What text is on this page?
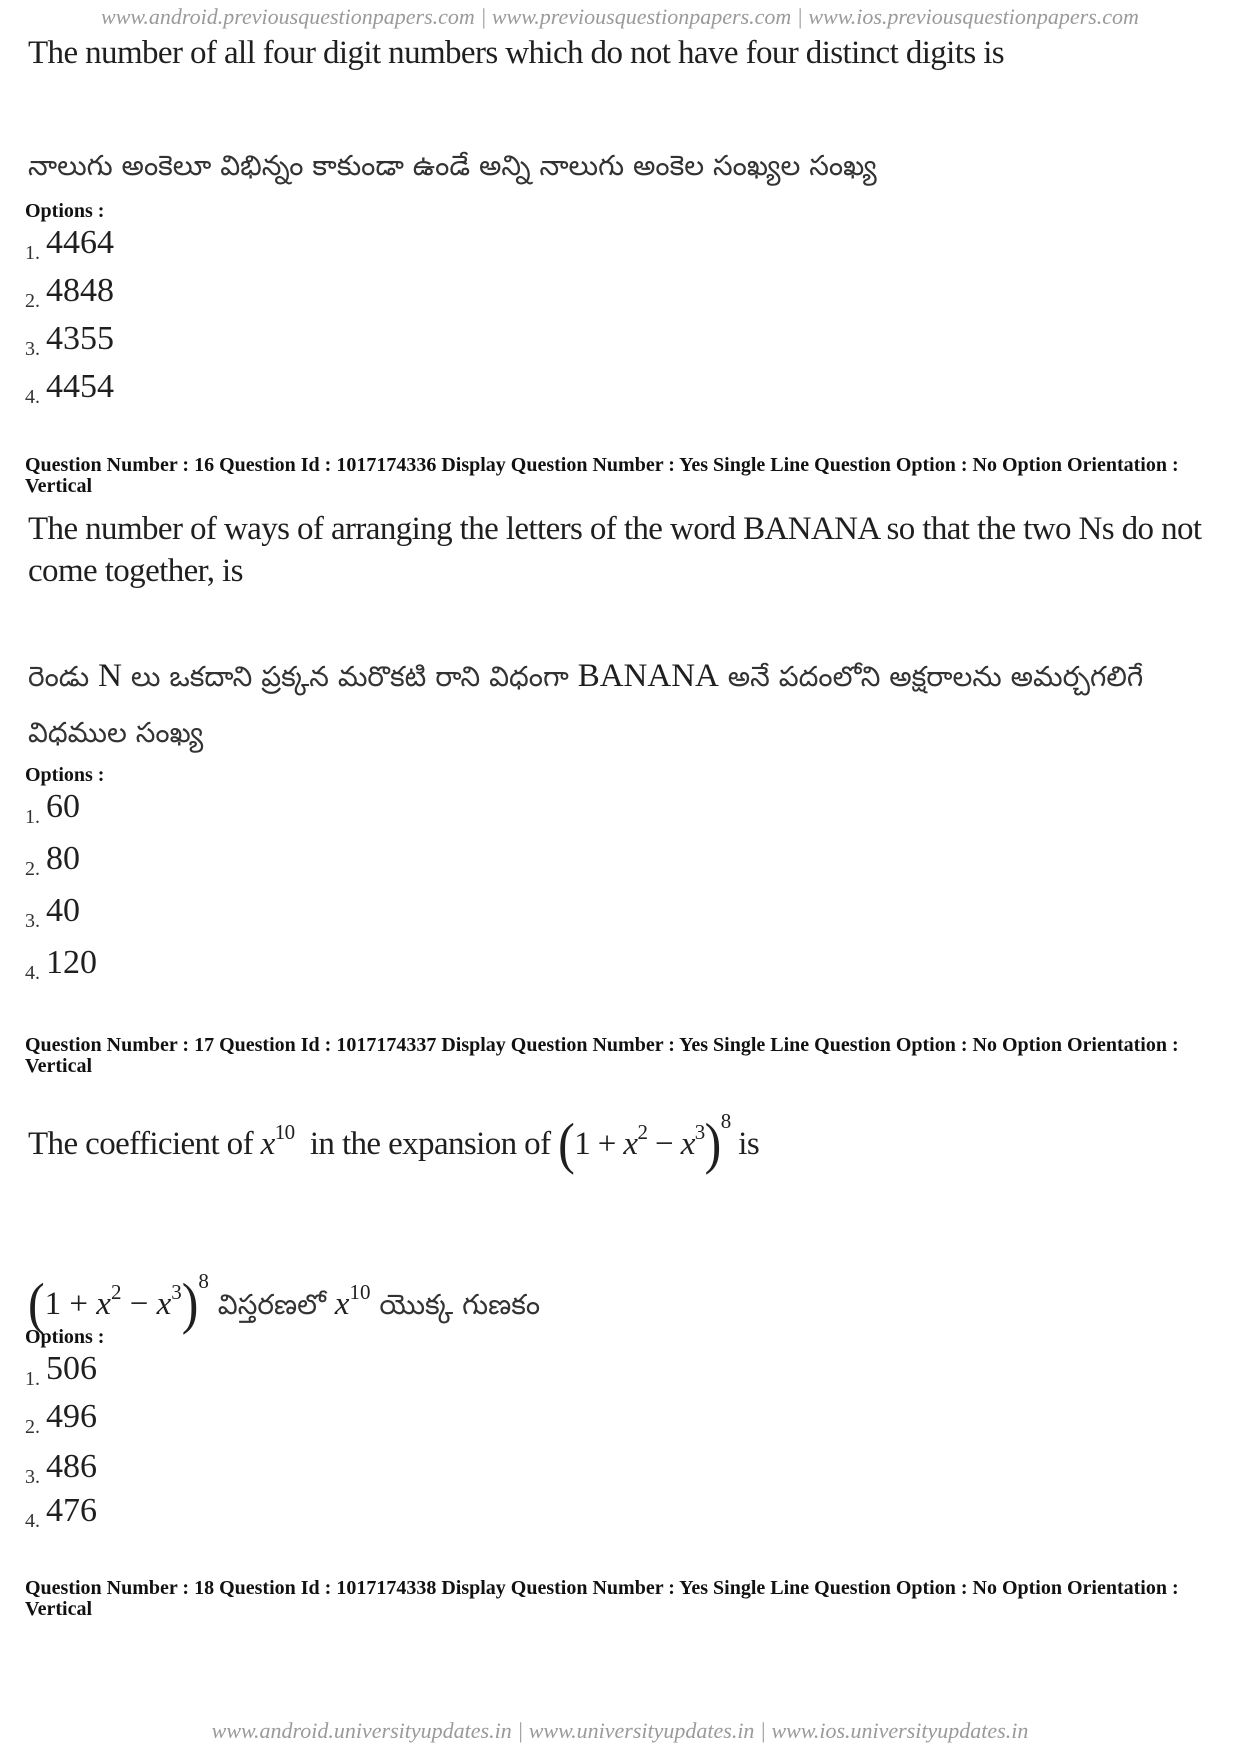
www.android.previousquestionpapers.com | www.previousquestionpapers.com | www.ios.previousquestionpapers.com
The number of all four digit numbers which do not have four distinct digits is
నాలుగు అంకెలూ విభిన్నం కాకుండా ఉండే అన్ని నాలుగు అంకెల సంఖ్యల సంఖ్య
Options :
1. 4464
2. 4848
3. 4355
4. 4454
Question Number : 16 Question Id : 1017174336 Display Question Number : Yes Single Line Question Option : No Option Orientation : Vertical
The number of ways of arranging the letters of the word BANANA so that the two Ns do not come together, is
రెండు N లు ఒకదాని ప్రక్కన మరొకటి రాని విధంగా BANANA అనే పదంలోని అక్షరాలను అమర్చగలిగే విధముల సంఖ్య
Options :
1. 60
2. 80
3. 40
4. 120
Question Number : 17 Question Id : 1017174337 Display Question Number : Yes Single Line Question Option : No Option Orientation : Vertical
The coefficient of $x^{10}$ in the expansion of $(1 + x^2 - x^3)^8$ is
$(1 + x^2 - x^3)^8$ విస్తరణలో $x^{10}$ యొక్క గుణకం
Options :
1. 506
2. 496
3. 486
4. 476
Question Number : 18 Question Id : 1017174338 Display Question Number : Yes Single Line Question Option : No Option Orientation : Vertical
www.android.universityupdates.in | www.universityupdates.in | www.ios.universityupdates.in
